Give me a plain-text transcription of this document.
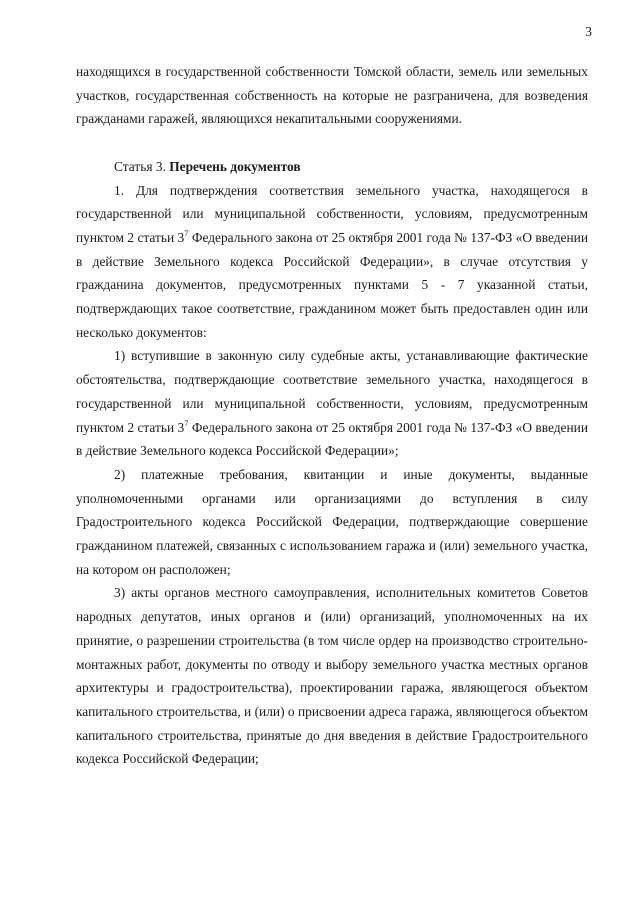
3

находящихся в государственной собственности Томской области, земель или земельных участков, государственная собственность на которые не разграничена, для возведения гражданами гаражей, являющихся некапитальными сооружениями.

Статья 3. Перечень документов

1. Для подтверждения соответствия земельного участка, находящегося в государственной или муниципальной собственности, условиям, предусмотренным пунктом 2 статьи $3^7$ Федерального закона от 25 октября 2001 года № 137-ФЗ «О введении в действие Земельного кодекса Российской Федерации», в случае отсутствия у гражданина документов, предусмотренных пунктами 5 - 7 указанной статьи, подтверждающих такое соответствие, гражданином может быть предоставлен один или несколько документов:

1) вступившие в законную силу судебные акты, устанавливающие фактические обстоятельства, подтверждающие соответствие земельного участка, находящегося в государственной или муниципальной собственности, условиям, предусмотренным пунктом 2 статьи $3^7$ Федерального закона от 25 октября 2001 года № 137-ФЗ «О введении в действие Земельного кодекса Российской Федерации»;

2) платежные требования, квитанции и иные документы, выданные уполномоченными органами или организациями до вступления в силу Градостроительного кодекса Российской Федерации, подтверждающие совершение гражданином платежей, связанных с использованием гаража и (или) земельного участка, на котором он расположен;

3) акты органов местного самоуправления, исполнительных комитетов Советов народных депутатов, иных органов и (или) организаций, уполномоченных на их принятие, о разрешении строительства (в том числе ордер на производство строительно-монтажных работ, документы по отводу и выбору земельного участка местных органов архитектуры и градостроительства), проектировании гаража, являющегося объектом капитального строительства, и (или) о присвоении адреса гаража, являющегося объектом капитального строительства, принятые до дня введения в действие Градостроительного кодекса Российской Федерации;
